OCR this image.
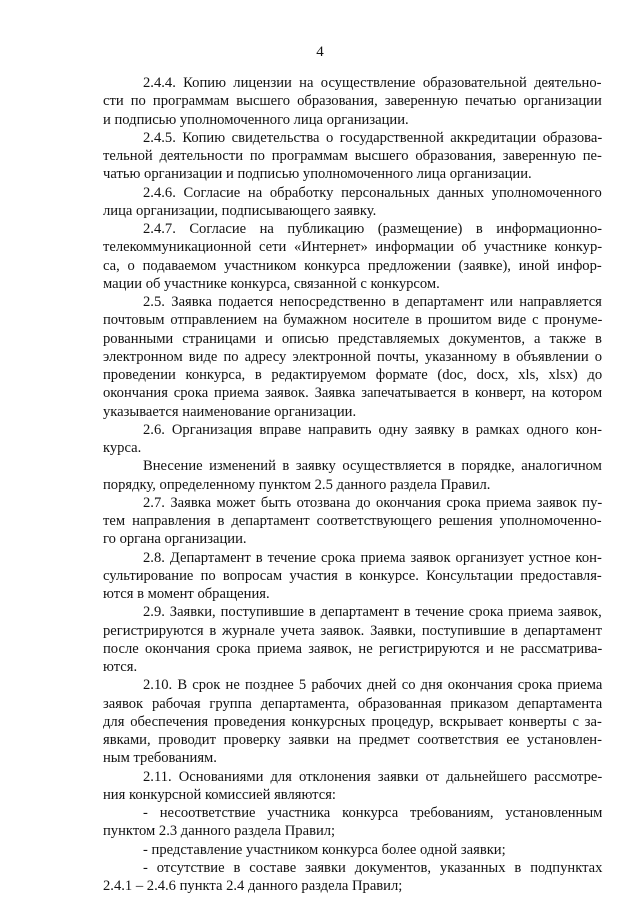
4
2.4.4. Копию лицензии на осуществление образовательной деятельно-
сти по программам высшего образования, заверенную печатью организации
и подписью уполномоченного лица организации.
2.4.5. Копию свидетельства о государственной аккредитации образова-
тельной деятельности по программам высшего образования, заверенную пе-
чатью организации и подписью уполномоченного лица организации.
2.4.6. Согласие на обработку персональных данных уполномоченного
лица организации, подписывающего заявку.
2.4.7. Согласие на публикацию (размещение) в информационно-
телекоммуникационной сети «Интернет» информации об участнике конкур-
са, о подаваемом участником конкурса предложении (заявке), иной инфор-
мации об участнике конкурса, связанной с конкурсом.
2.5. Заявка подается непосредственно в департамент или направляется
почтовым отправлением на бумажном носителе в прошитом виде с пронуме-
рованными страницами и описью представляемых документов, а также в
электронном виде по адресу электронной почты, указанному в объявлении о
проведении конкурса, в редактируемом формате (doc, docx, xls, xlsx) до
окончания срока приема заявок. Заявка запечатывается в конверт, на котором
указывается наименование организации.
2.6. Организация вправе направить одну заявку в рамках одного кон-
курса.
Внесение изменений в заявку осуществляется в порядке, аналогичном
порядку, определенному пунктом 2.5 данного раздела Правил.
2.7. Заявка может быть отозвана до окончания срока приема заявок пу-
тем направления в департамент соответствующего решения уполномоченно-
го органа организации.
2.8. Департамент в течение срока приема заявок организует устное кон-
сультирование по вопросам участия в конкурсе. Консультации предоставля-
ются в момент обращения.
2.9. Заявки, поступившие в департамент в течение срока приема заявок,
регистрируются в журнале учета заявок. Заявки, поступившие в департамент
после окончания срока приема заявок, не регистрируются и не рассматрива-
ются.
2.10. В срок не позднее 5 рабочих дней со дня окончания срока приема
заявок рабочая группа департамента, образованная приказом департамента
для обеспечения проведения конкурсных процедур, вскрывает конверты с за-
явками, проводит проверку заявки на предмет соответствия ее установлен-
ным требованиям.
2.11. Основаниями для отклонения заявки от дальнейшего рассмотре-
ния конкурсной комиссией являются:
- несоответствие участника конкурса требованиям, установленным
пунктом 2.3 данного раздела Правил;
- представление участником конкурса более одной заявки;
- отсутствие в составе заявки документов, указанных в подпунктах
2.4.1 – 2.4.6 пункта 2.4 данного раздела Правил;
